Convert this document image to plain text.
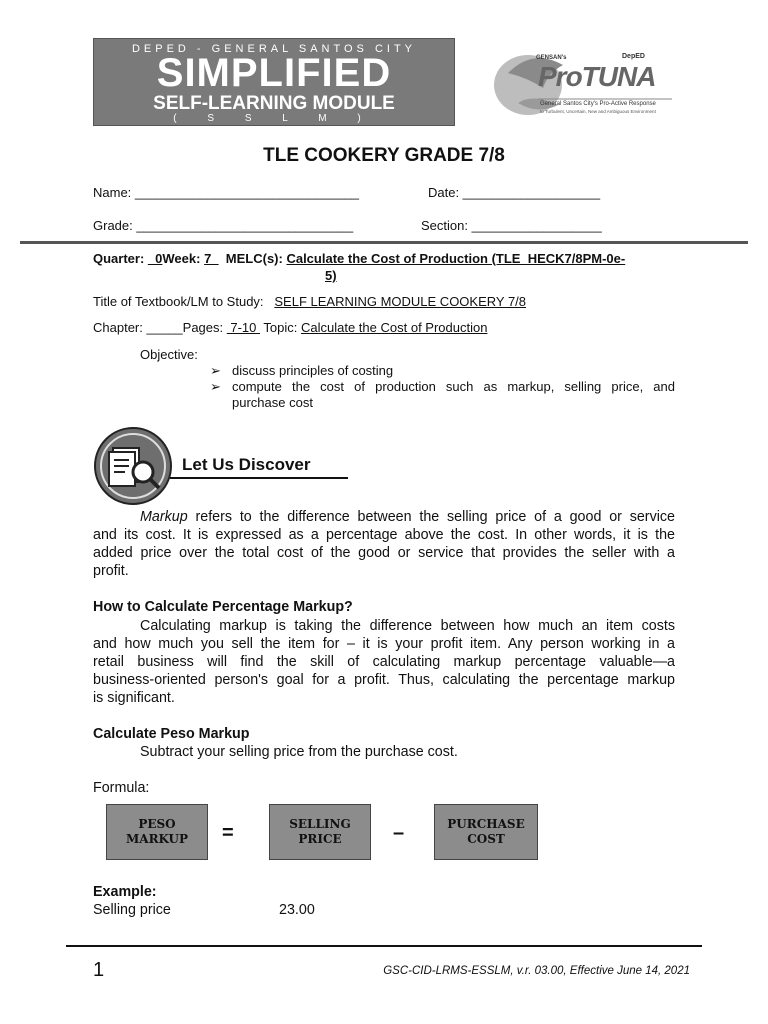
DEPED - GENERAL SANTOS CITY
SIMPLIFIED
SELF-LEARNING MODULE
( S S L M )
GENSAN's
ProTUNA
DepED
General Santos City's Pro-Active Response
to Turbulent, Uncertain, New and Ambiguous Environment
TLE COOKERY GRADE 7/8
Name: _______________________________	Date: ___________________
Grade: ______________________________	Section: __________________
Quarter: _0Week: 7_ MELC(s): Calculate the Cost of Production (TLE_HECK7/8PM-0e-
5)
Title of Textbook/LM to Study: SELF LEARNING MODULE COOKERY 7/8
Chapter: _____Pages:  7-10  Topic: Calculate the Cost of Production
Objective:
➢ discuss principles of costing
➢ compute the cost of production such as markup, selling price, and
purchase cost
Let Us Discover
Markup refers to the difference between the selling price of a good or service
and its cost. It is expressed as a percentage above the cost. In other words, it is the
added price over the total cost of the good or service that provides the seller with a
profit.
How to Calculate Percentage Markup?
Calculating markup is taking the difference between how much an item costs
and how much you sell the item for – it is your profit item. Any person working in a
retail business will find the skill of calculating markup percentage valuable—a
business-oriented person's goal for a profit. Thus, calculating the percentage markup
is significant.
Calculate Peso Markup
Subtract your selling price from the purchase cost.
Formula:
PESO
MARKUP =	SELLING
PRICE	–	PURCHASE
COST
Example:
Selling price	23.00
1	GSC-CID-LRMS-ESSLM, v.r. 03.00, Effective June 14, 2021
